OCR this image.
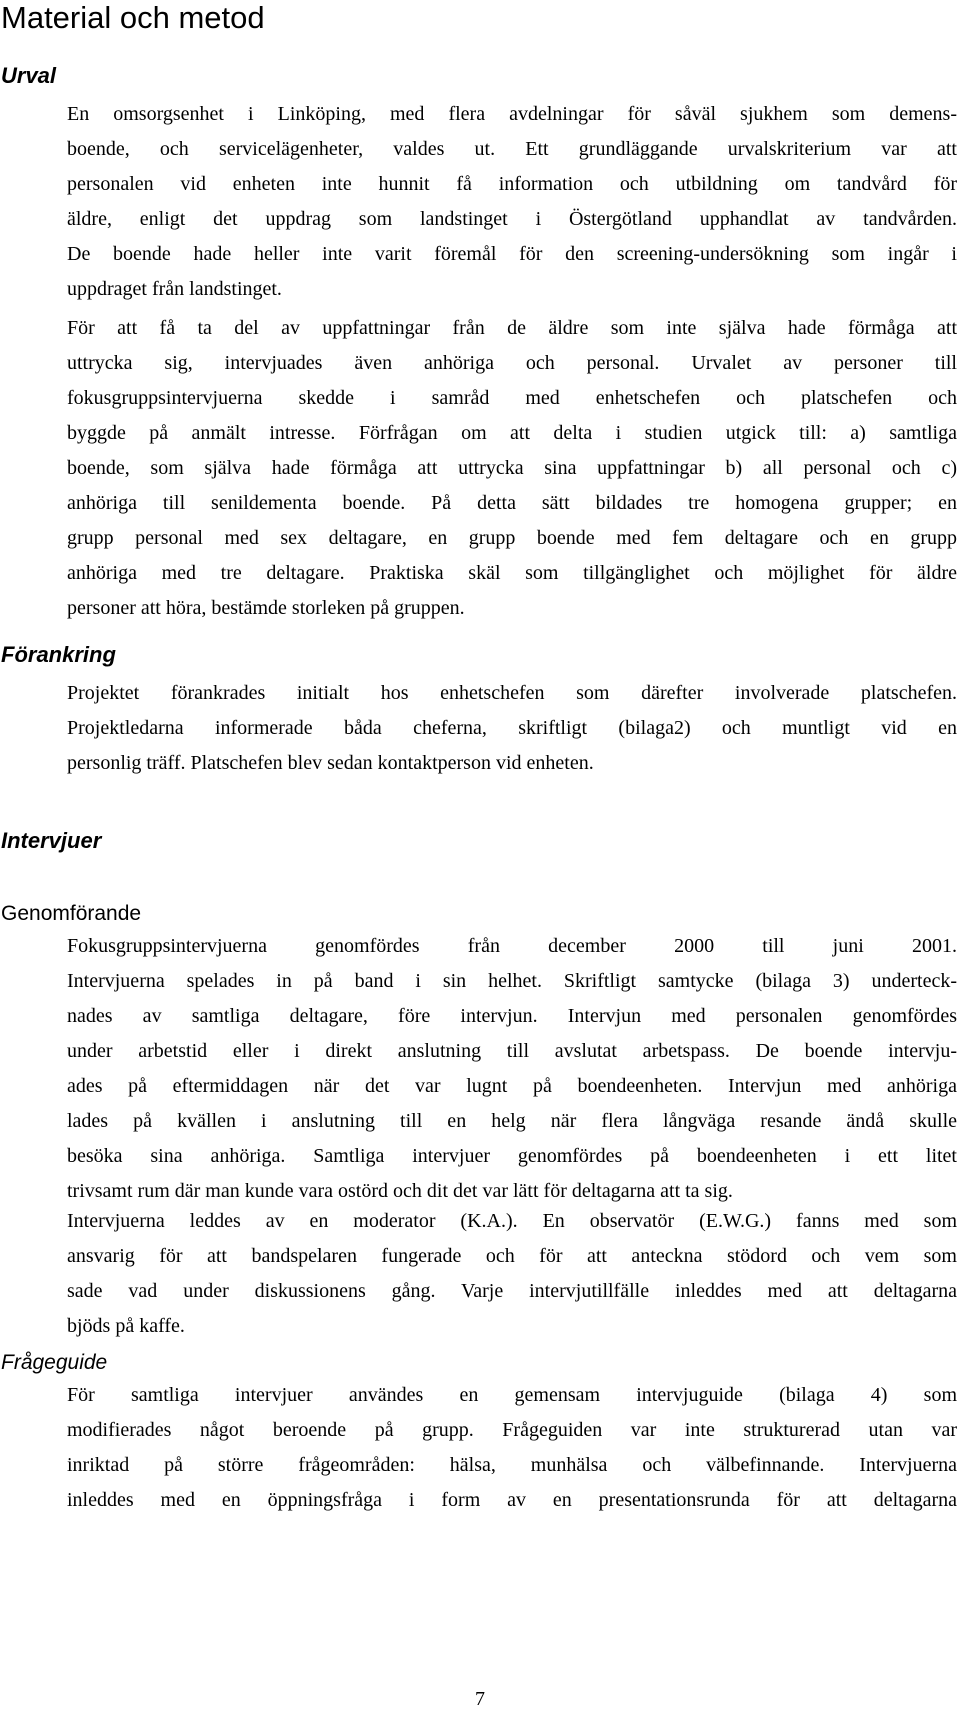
Material och metod
Urval
En omsorgsenhet i Linköping, med flera avdelningar för såväl sjukhem som demens-
boende, och servicelägenheter, valdes ut. Ett grundläggande urvalskriterium var att
personalen vid enheten inte hunnit få information och utbildning om tandvård för
äldre, enligt det uppdrag som landstinget i Östergötland upphandlat av tandvården.
De boende hade heller inte varit föremål för den screening-undersökning som ingår i
uppdraget från landstinget.
För att få ta del av uppfattningar från de äldre som inte själva hade förmåga att
uttrycka sig, intervjuades även anhöriga och personal. Urvalet av personer till
fokusgruppsintervjuerna skedde i samråd med enhetschefen och platschefen och
byggde på anmält intresse. Förfrågan om att delta i studien utgick till: a) samtliga
boende, som själva hade förmåga att uttrycka sina uppfattningar b) all personal och c)
anhöriga till senildementa boende. På detta sätt bildades tre homogena grupper; en
grupp personal med sex deltagare, en grupp boende med fem deltagare och en grupp
anhöriga med tre deltagare. Praktiska skäl som tillgänglighet och möjlighet för äldre
personer att höra, bestämde storleken på gruppen.
Förankring
Projektet förankrades initialt hos enhetschefen som därefter involverade platschefen.
Projektledarna informerade båda cheferna, skriftligt (bilaga2) och muntligt vid en
personlig träff. Platschefen blev sedan kontaktperson vid enheten.
Intervjuer
Genomförande
Fokusgruppsintervjuerna genomfördes från december 2000 till juni 2001.
Intervjuerna spelades in på band i sin helhet. Skriftligt samtycke (bilaga 3) underteck-
nades av samtliga deltagare, före intervjun. Intervjun med personalen genomfördes
under arbetstid eller i direkt anslutning till avslutat arbetspass. De boende intervju-
ades på eftermiddagen när det var lugnt på boendeenheten. Intervjun med anhöriga
lades på kvällen i anslutning till en helg när flera långväga resande ändå skulle
besöka sina anhöriga. Samtliga intervjuer genomfördes på boendeenheten i ett litet
trivsamt rum där man kunde vara ostörd och dit det var lätt för deltagarna att ta sig.
Intervjuerna leddes av en moderator (K.A.). En observatör (E.W.G.) fanns med som
ansvarig för att bandspelaren fungerade och för att anteckna stödord och vem som
sade vad under diskussionens gång. Varje intervjutillfälle inleddes med att deltagarna
bjöds på kaffe.
Frågeguide
För samtliga intervjuer användes en gemensam intervjuguide (bilaga 4) som
modifierades något beroende på grupp. Frågeguiden var inte strukturerad utan var
inriktad på större frågeområden: hälsa, munhälsa och välbefinnande. Intervjuerna
inleddes med en öppningsfråga i form av en presentationsrunda för att deltagarna
7
